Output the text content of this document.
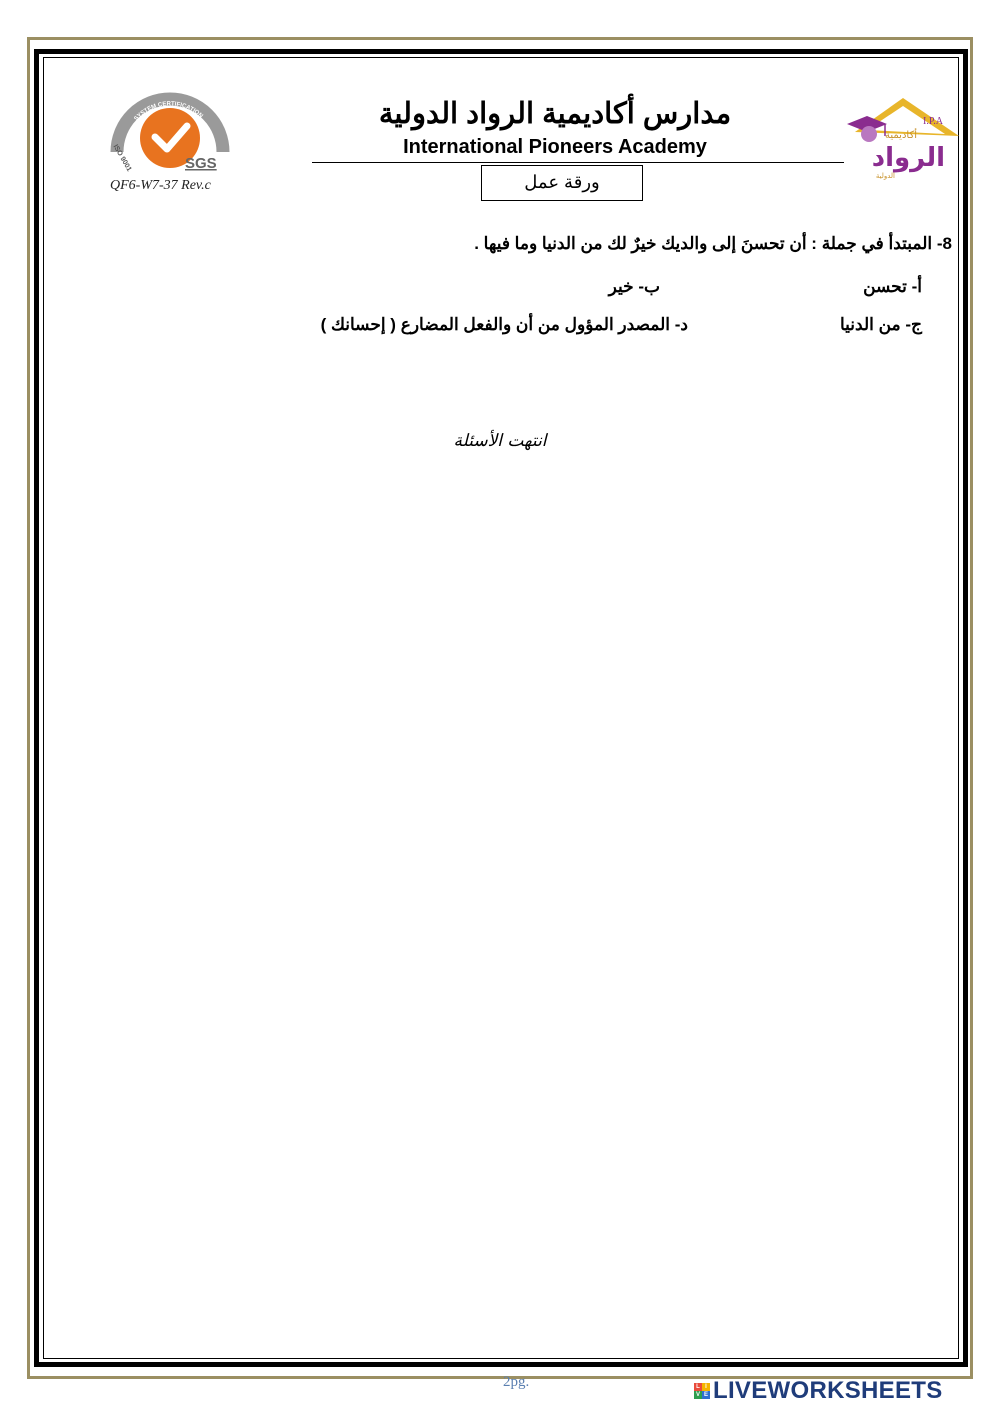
SYSTEM CERTIFICATION
ISO 9001	SGS
QF6-W7-37 Rev.c
مدارس أكاديمية الرواد الدولية
International Pioneers Academy
ورقة عمل
I.P.A
أكاديمية
الرواد
الدولية
8- المبتدأ في جملة : أن تحسنَ إلى والديك خيرٌ لك من الدنيا وما فيها .
أ- تحسن
ب- خير
ج- من الدنيا
د- المصدر المؤول من أن والفعل المضارع ( إحسانك )
انتهت الأسئلة
2pg.	L I
V E LIVEWORKSHEETS
